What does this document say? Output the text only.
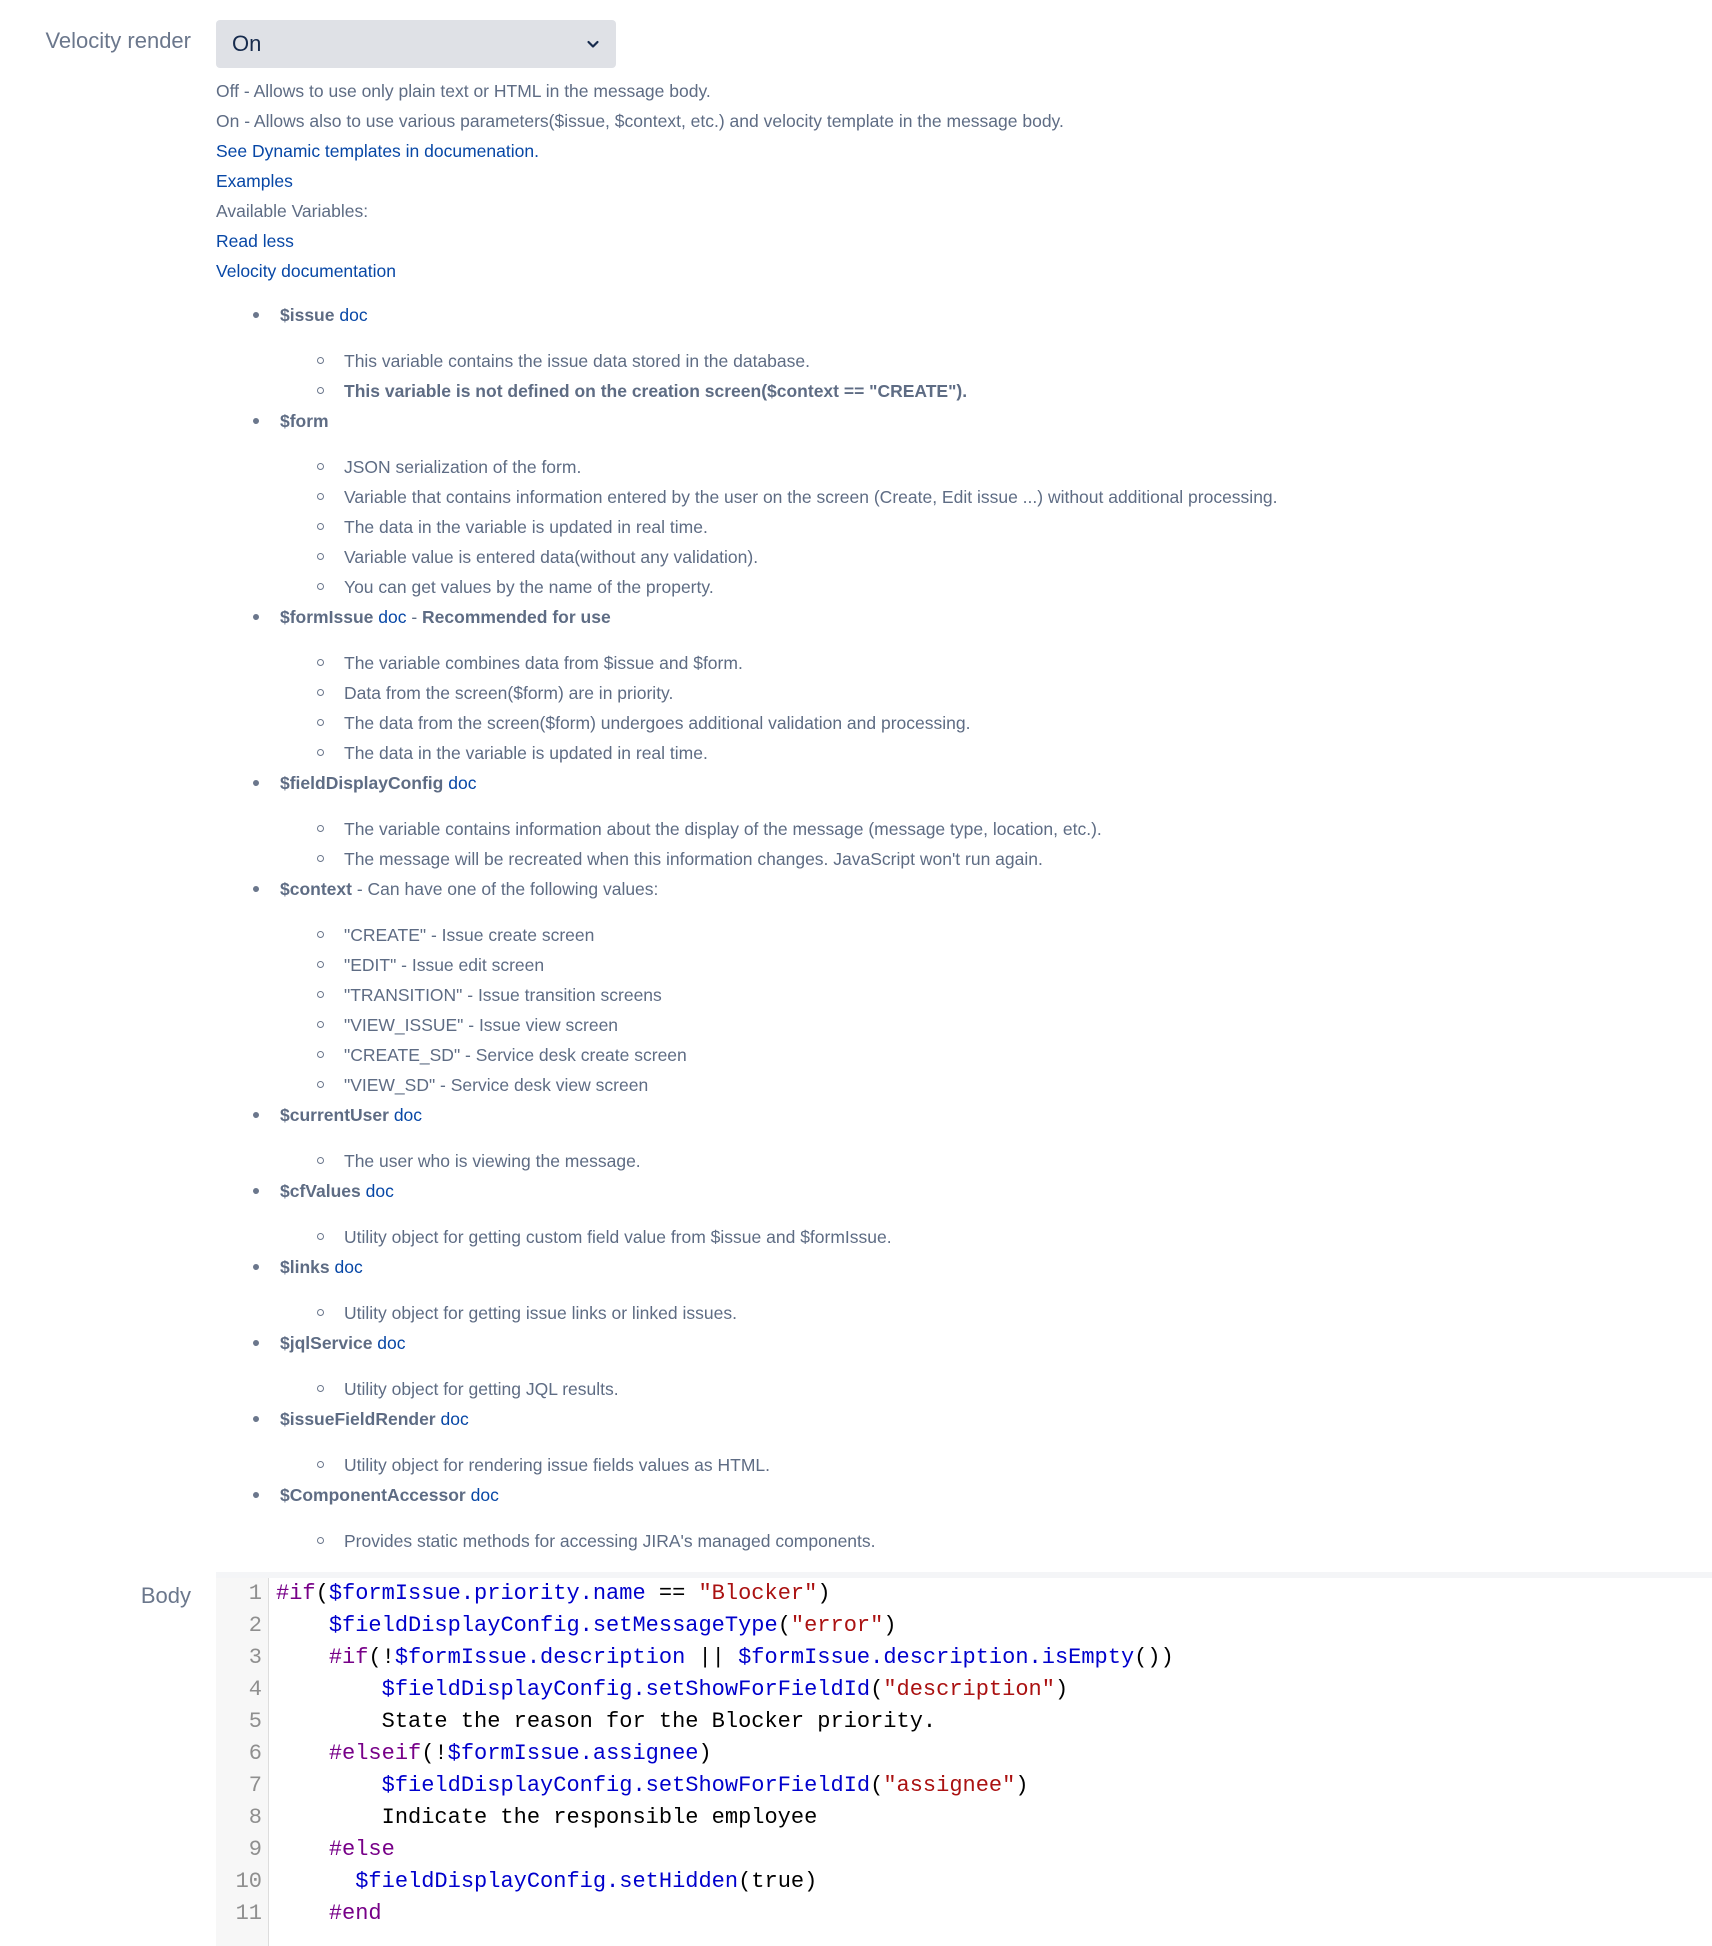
Velocity render On
Off - Allows to use only plain text or HTML in the message body.
On - Allows also to use various parameters($issue, $context, etc.) and velocity template in the message body.
See Dynamic templates in documenation.
Examples
Available Variables:
Read less
Velocity documentation
$issue doc
This variable contains the issue data stored in the database.
This variable is not defined on the creation screen($context == "CREATE").
$form
JSON serialization of the form.
Variable that contains information entered by the user on the screen (Create, Edit issue ...) without additional processing.
The data in the variable is updated in real time.
Variable value is entered data(without any validation).
You can get values by the name of the property.
$formIssue doc - Recommended for use
The variable combines data from $issue and $form.
Data from the screen($form) are in priority.
The data from the screen($form) undergoes additional validation and processing.
The data in the variable is updated in real time.
$fieldDisplayConfig doc
The variable contains information about the display of the message (message type, location, etc.).
The message will be recreated when this information changes. JavaScript won't run again.
$context - Can have one of the following values:
"CREATE" - Issue create screen
"EDIT" - Issue edit screen
"TRANSITION" - Issue transition screens
"VIEW_ISSUE" - Issue view screen
"CREATE_SD" - Service desk create screen
"VIEW_SD" - Service desk view screen
$currentUser doc
The user who is viewing the message.
$cfValues doc
Utility object for getting custom field value from $issue and $formIssue.
$links doc
Utility object for getting issue links or linked issues.
$jqlService doc
Utility object for getting JQL results.
$issueFieldRender doc
Utility object for rendering issue fields values as HTML.
$ComponentAccessor doc
Provides static methods for accessing JIRA's managed components.
Body	1 #if($formIssue.priority.name == "Blocker")
2	$fieldDisplayConfig.setMessageType("error")
3	#if(!$formIssue.description || $formIssue.description.isEmpty())
4	$fieldDisplayConfig.setShowForFieldId("description")
5 State the reason for the Blocker priority.
6	#elseif(!$formIssue.assignee)
7	$fieldDisplayConfig.setShowForFieldId("assignee")
8 Indicate the responsible employee
9	#else
10	$fieldDisplayConfig.setHidden(true)
11	#end
